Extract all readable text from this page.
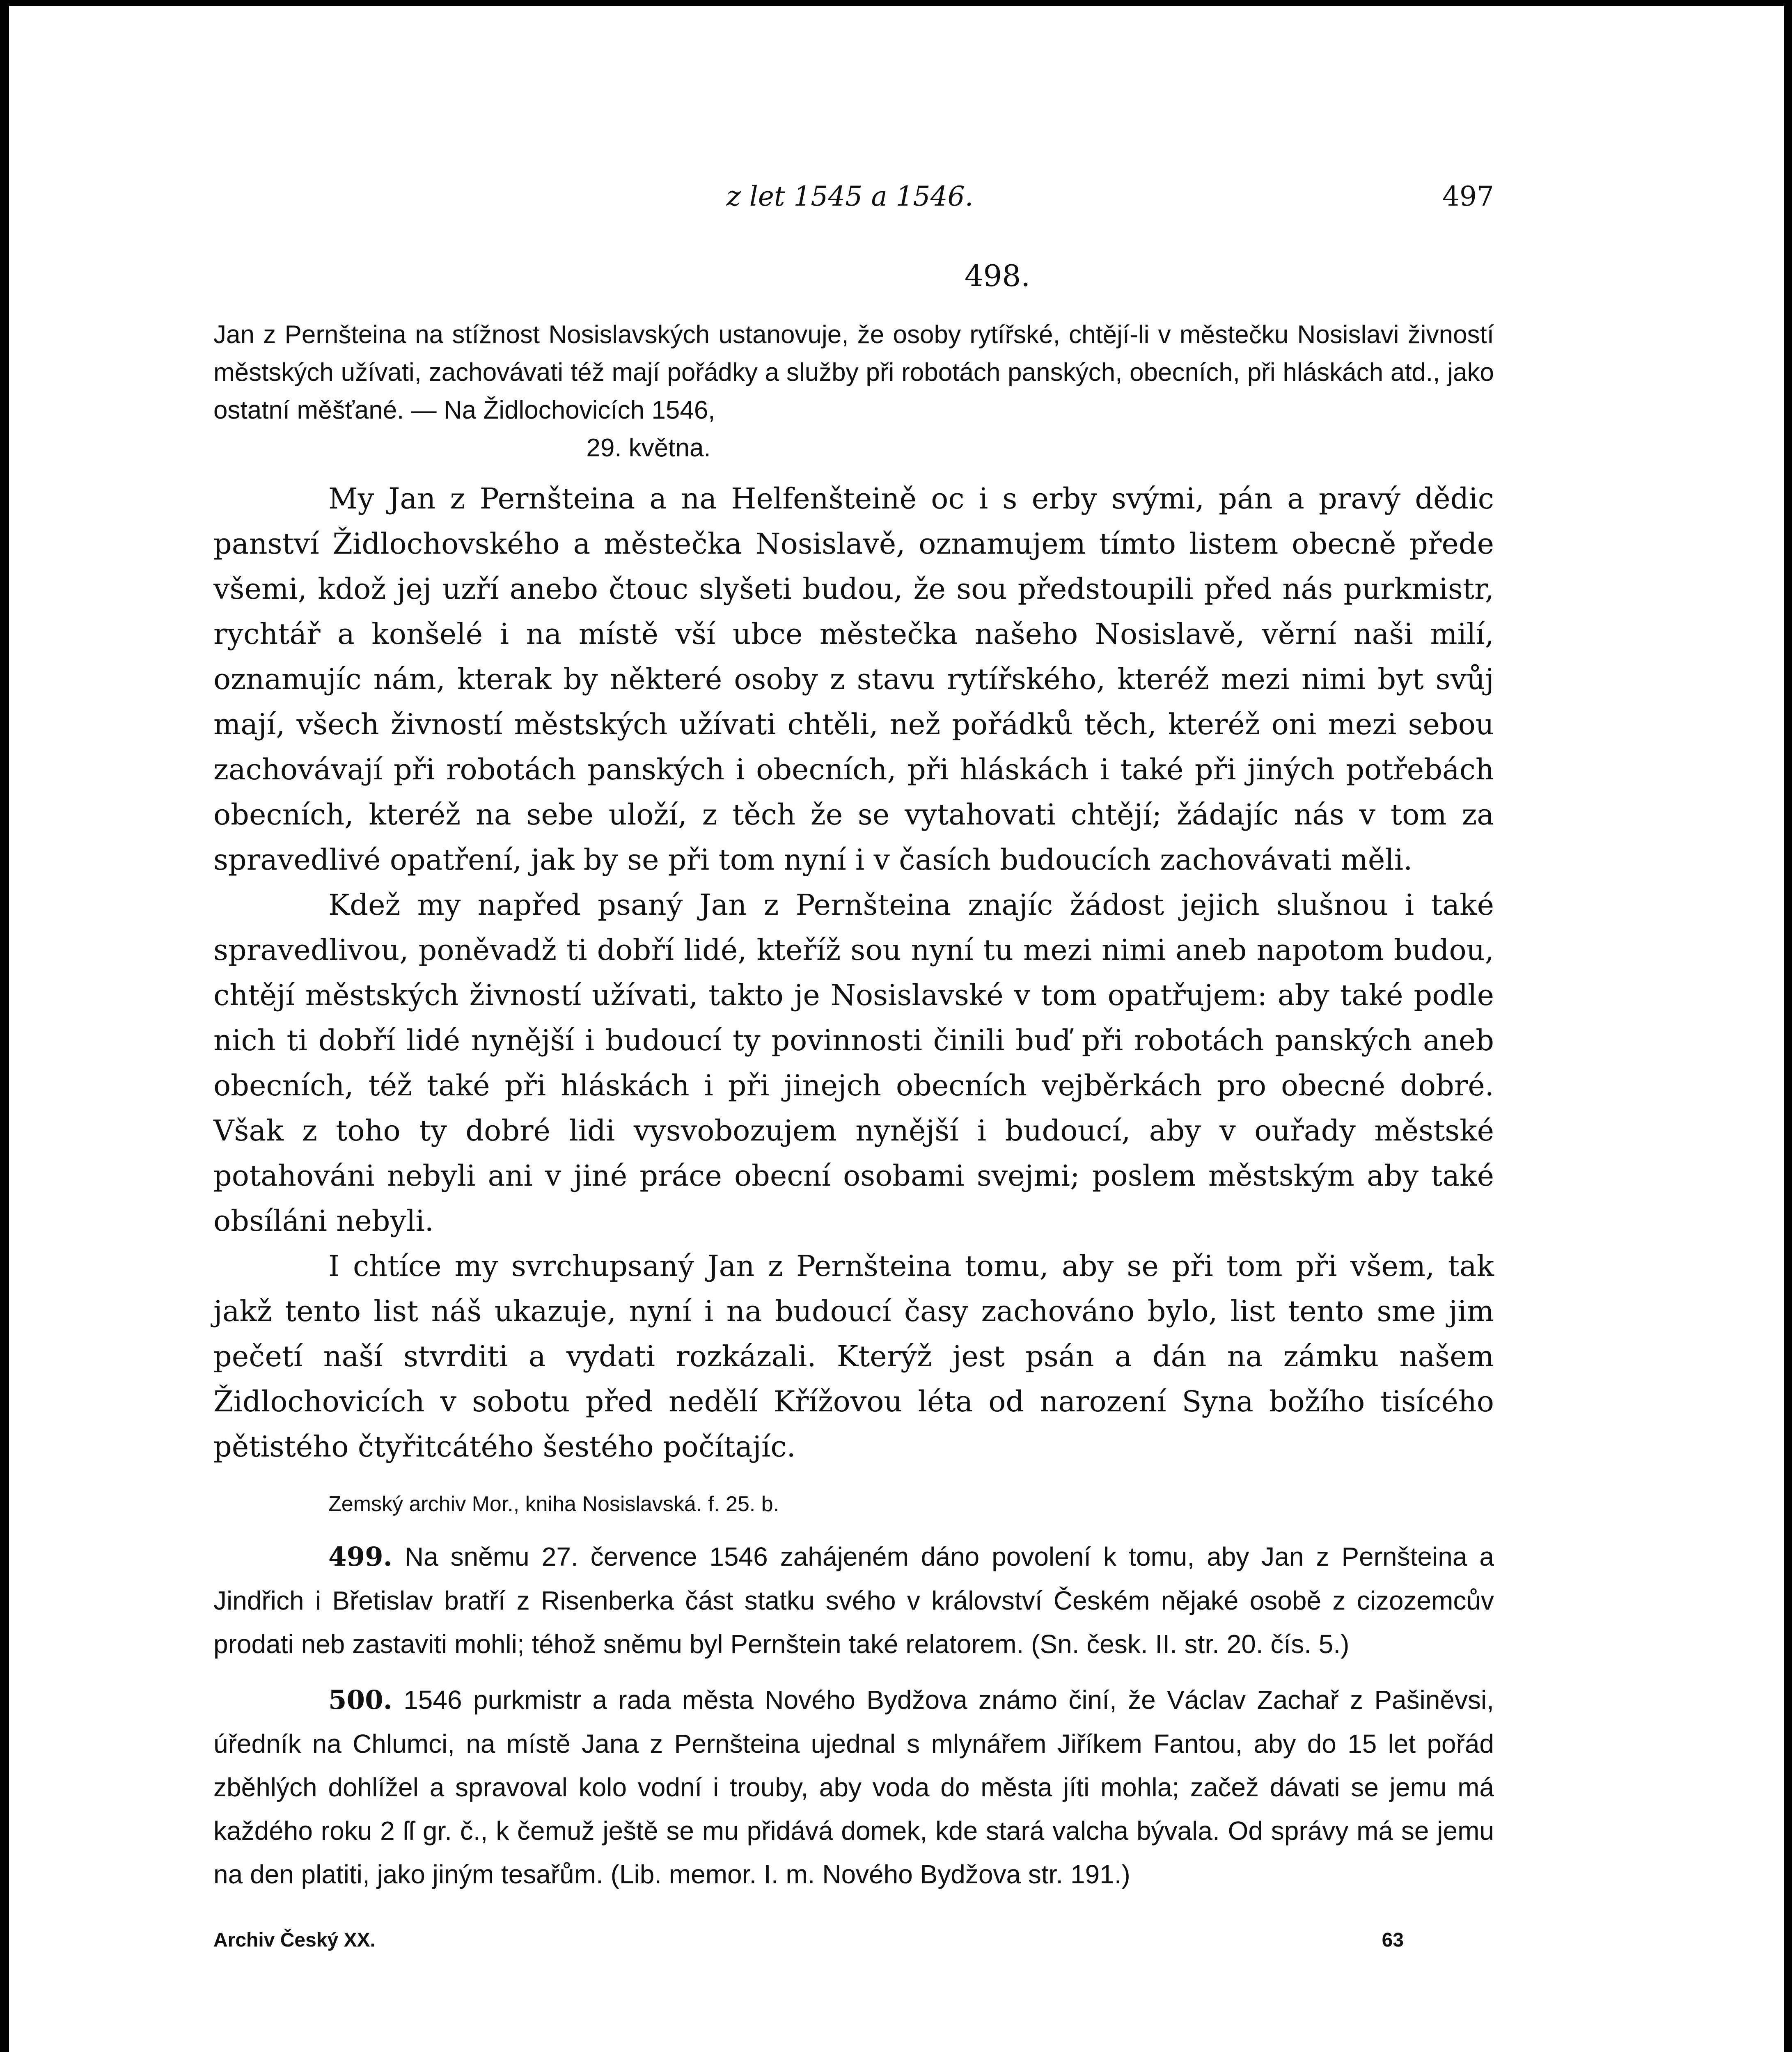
z let 1545 a 1546.	497
498.
Jan z Pernšteina na stížnost Nosislavských ustanovuje, že osoby rytířské, chtějí-li v městečku Nosislavi živností městských užívati, zachovávati též mají pořádky a služby při robotách panských, obecních, při hláskách atd., jako ostatní měšťané. — Na Židlochovicích 1546,
29. května.

My Jan z Pernšteina a na Helfenšteině oc i s erby svými, pán a pravý dědic panství Židlochovského a městečka Nosislavě, oznamujem tímto listem obecně přede všemi, kdož jej uzří anebo čtouc slyšeti budou, že sou předstoupili před nás purkmistr, rychtář a konšelé i na místě vší ubce městečka našeho Nosislavě, věrní naši milí, oznamujíc nám, kterak by některé osoby z stavu rytířského, kteréž mezi nimi byt svůj mají, všech živností městských užívati chtěli, než pořádků těch, kteréž oni mezi sebou zachovávají při robotách panských i obecních, při hláskách i také při jiných potřebách obecních, kteréž na sebe uloží, z těch že se vytahovati chtějí; žádajíc nás v tom za spravedlivé opatření, jak by se při tom nyní i v časích budoucích zachovávati měli.

Kdež my napřed psaný Jan z Pernšteina znajíc žádost jejich slušnou i také spravedlivou, poněvadž ti dobří lidé, kteříž sou nyní tu mezi nimi aneb napotom budou, chtějí městských živností užívati, takto je Nosislavské v tom opatřujem: aby také podle nich ti dobří lidé nynější i budoucí ty povinnosti činili buď při robotách panských aneb obecních, též také při hláskách i při jinejch obecních vejběrkách pro obecné dobré. Však z toho ty dobré lidi vysvobozujem nynější i budoucí, aby v ouřady městské potahováni nebyli ani v jiné práce obecní osobami svejmi; poslem městským aby také obsíláni nebyli.

I chtíce my svrchupsaný Jan z Pernšteina tomu, aby se při tom při všem, tak jakž tento list náš ukazuje, nyní i na budoucí časy zachováno bylo, list tento sme jim pečetí naší stvrditi a vydati rozkázali. Kterýž jest psán a dán na zámku našem Židlochovicích v sobotu před nedělí Křížovou léta od narození Syna božího tisícého pětistého čtyřitcátého šestého počítajíc.

Zemský archiv Mor., kniha Nosislavská. f. 25. b.

499. Na sněmu 27. července 1546 zahájeném dáno povolení k tomu, aby Jan z Pernšteina a Jindřich i Břetislav bratří z Risenberka část statku svého v království Českém nějaké osobě z cizozemcův prodati neb zastaviti mohli; téhož sněmu byl Pernštein také relatorem. (Sn. česk. II. str. 20. čís. 5.)

500. 1546 purkmistr a rada města Nového Bydžova známo činí, že Václav Zachař z Pašiněvsi, úředník na Chlumci, na místě Jana z Pernšteina ujednal s mlynářem Jiříkem Fantou, aby do 15 let pořád zběhlých dohlížel a spravoval kolo vodní i trouby, aby voda do města jíti mohla; začež dávati se jemu má každého roku 2 ſſ gr. č., k čemuž ještě se mu přidává domek, kde stará valcha bývala. Od správy má se jemu na den platiti, jako jiným tesařům. (Lib. memor. I. m. Nového Bydžova str. 191.)

Archiv Český XX.	63
